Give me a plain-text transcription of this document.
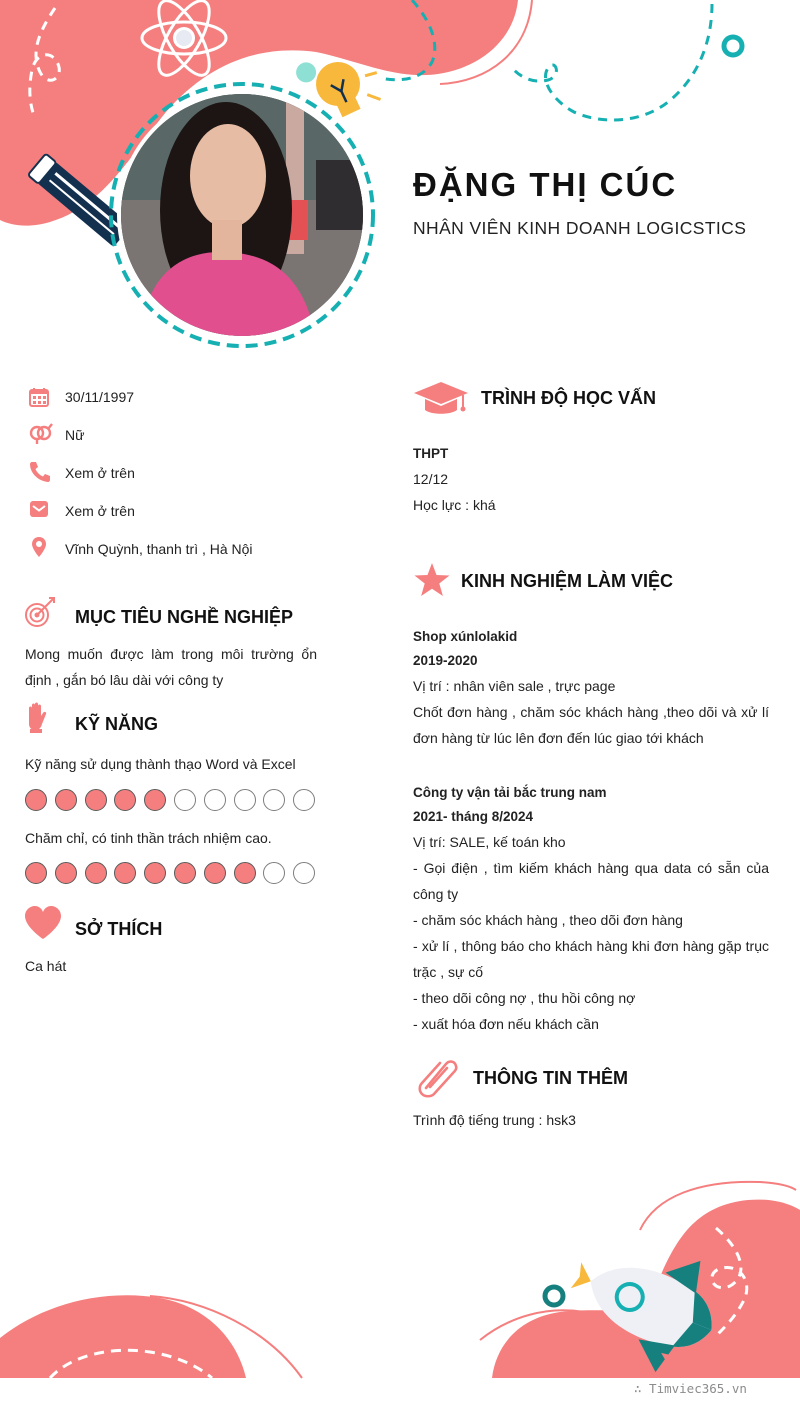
ĐẶNG THỊ CÚC
NHÂN VIÊN KINH DOANH LOGICSTICS
30/11/1997
Nữ
Xem ở trên
Xem ở trên
Vĩnh Quỳnh, thanh trì , Hà Nội
MỤC TIÊU NGHỀ NGHIỆP
Mong muốn được làm trong môi trường ổn
định , gắn bó lâu dài với công ty
KỸ NĂNG
Kỹ năng sử dụng thành thạo Word và Excel
Chăm chỉ, có tinh thần trách nhiệm cao.
SỞ THÍCH
Ca hát
TRÌNH ĐỘ HỌC VẤN
THPT
12/12
Học lực : khá
KINH NGHIỆM LÀM VIỆC
Shop xúnlolakid
2019-2020
Vị trí : nhân viên sale , trực page
Chốt đơn hàng , chăm sóc khách hàng ,theo dõi và xử lí
đơn hàng từ lúc lên đơn đến lúc giao tới khách
Công ty vận tải bắc trung nam
2021- tháng 8/2024
Vị trí: SALE, kế toán kho
- Gọi điện , tìm kiếm khách hàng qua data có sẵn của
công ty
- chăm sóc khách hàng , theo dõi đơn hàng
- xử lí , thông báo cho khách hàng khi đơn hàng gặp trục
trặc , sự cố
- theo dõi công nợ , thu hồi công nợ
- xuất hóa đơn nếu khách cần
THÔNG TIN THÊM
Trình độ tiếng trung : hsk3
∴ Timviec365.vn
